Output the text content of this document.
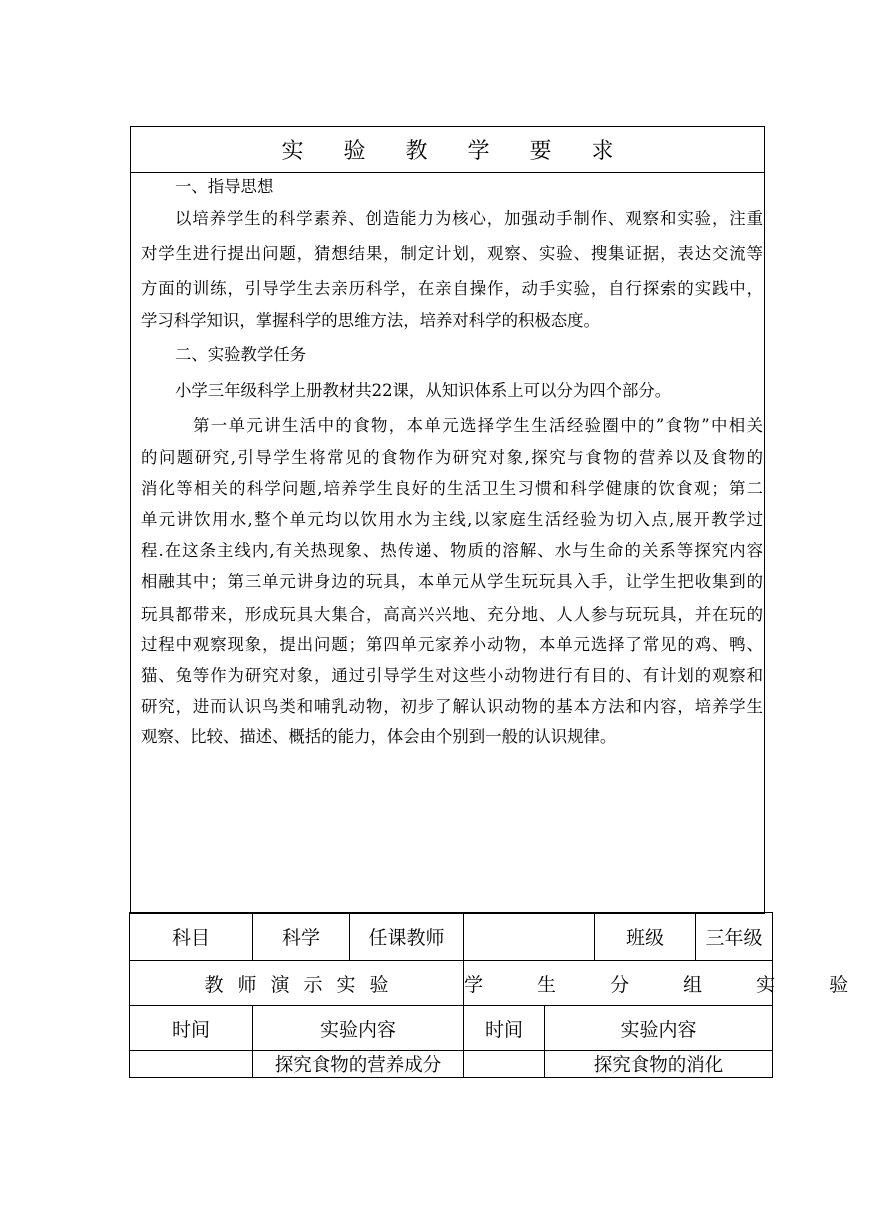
实验教学要求
一、指导思想
以培养学生的科学素养、创造能力为核心，加强动手制作、观察和实验，注重
对学生进行提出问题，猜想结果，制定计划，观察、实验、搜集证据，表达交流等
方面的训练，引导学生去亲历科学，在亲自操作，动手实验，自行探索的实践中，
学习科学知识，掌握科学的思维方法，培养对科学的积极态度。
二、实验教学任务
小学三年级科学上册教材共22课，从知识体系上可以分为四个部分。
第一单元讲生活中的食物，本单元选择学生生活经验圈中的”食物”中相关
的问题研究,引导学生将常见的食物作为研究对象,探究与食物的营养以及食物的
消化等相关的科学问题,培养学生良好的生活卫生习惯和科学健康的饮食观；第二
单元讲饮用水,整个单元均以饮用水为主线,以家庭生活经验为切入点,展开教学过
程.在这条主线内,有关热现象、热传递、物质的溶解、水与生命的关系等探究内容
相融其中；第三单元讲身边的玩具，本单元从学生玩玩具入手，让学生把收集到的
玩具都带来，形成玩具大集合，高高兴兴地、充分地、人人参与玩玩具，并在玩的
过程中观察现象，提出问题；第四单元家养小动物，本单元选择了常见的鸡、鸭、
猫、兔等作为研究对象，通过引导学生对这些小动物进行有目的、有计划的观察和
研究，进而认识鸟类和哺乳动物，初步了解认识动物的基本方法和内容，培养学生
观察、比较、描述、概括的能力，体会由个别到一般的认识规律。
科目	科学	任课教师			班级	三年级
教师演示实验			学 生 分 组 实 验			
时间	实验内容		时间	实验内容		
	探究食物的营养成分			探究食物的消化		
